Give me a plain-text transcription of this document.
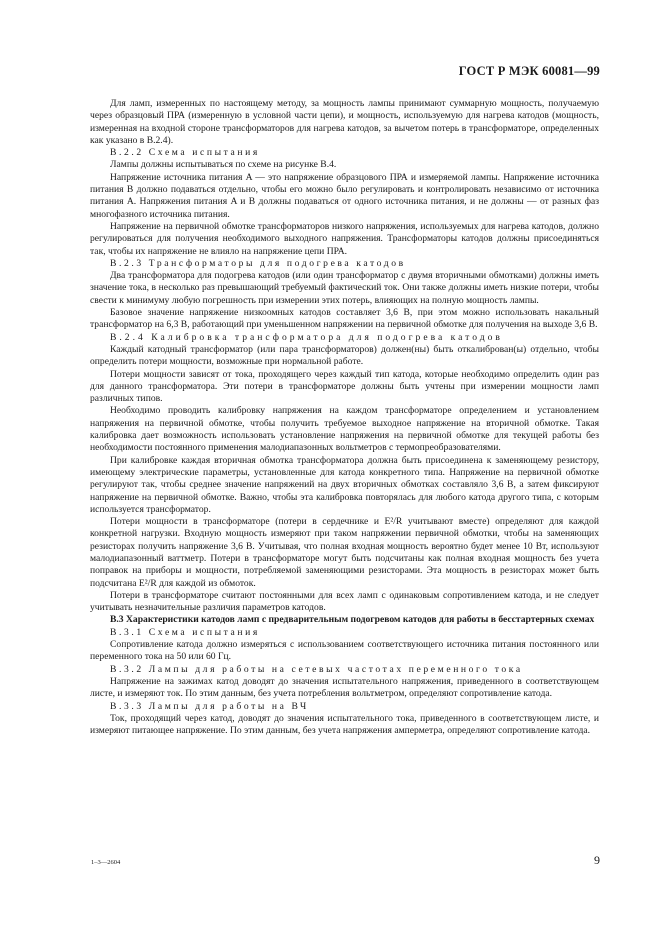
ГОСТ Р МЭК 60081—99

Для ламп, измеренных по настоящему методу, за мощность лампы принимают суммарную мощность, получаемую через образцовый ПРА (измеренную в условной части цепи), и мощность, используемую для нагрева катодов (мощность, измеренная на входной стороне трансформаторов для нагрева катодов, за вычетом потерь в трансформаторе, определенных как указано в В.2.4).

В.2.2 Схема испытания

Лампы должны испытываться по схеме на рисунке В.4.

Напряжение источника питания A — это напряжение образцового ПРА и измеряемой лампы. Напряжение источника питания B должно подаваться отдельно, чтобы его можно было регулировать и контролировать независимо от источника питания A. Напряжения питания A и B должны подаваться от одного источника питания, и не должны — от разных фаз многофазного источника питания.

Напряжение на первичной обмотке трансформаторов низкого напряжения, используемых для нагрева катодов, должно регулироваться для получения необходимого выходного напряжения. Трансформаторы катодов должны присоединяться так, чтобы их напряжение не влияло на напряжение цепи ПРА.

В.2.3 Трансформаторы для подогрева катодов

Два трансформатора для подогрева катодов (или один трансформатор с двумя вторичными обмотками) должны иметь значение тока, в несколько раз превышающий требуемый фактический ток. Они также должны иметь низкие потери, чтобы свести к минимуму любую погрешность при измерении этих потерь, влияющих на полную мощность лампы.

Базовое значение напряжение низкоомных катодов составляет 3,6 В, при этом можно использовать накальный трансформатор на 6,3 В, работающий при уменьшенном напряжении на первичной обмотке для получения на выходе 3,6 В.

В.2.4 Калибровка трансформатора для подогрева катодов

Каждый катодный трансформатор (или пара трансформаторов) должен(ны) быть откалиброван(ы) отдельно, чтобы определить потери мощности, возможные при нормальной работе.

Потери мощности зависят от тока, проходящего через каждый тип катода, которые необходимо определить один раз для данного трансформатора. Эти потери в трансформаторе должны быть учтены при измерении мощности ламп различных типов.

Необходимо проводить калибровку напряжения на каждом трансформаторе определением и установлением напряжения на первичной обмотке, чтобы получить требуемое выходное напряжение на вторичной обмотке. Такая калибровка дает возможность использовать установление напряжения на первичной обмотке для текущей работы без необходимости постоянного применения малодиапазонных вольтметров с термопреобразователями.

При калибровке каждая вторичная обмотка трансформатора должна быть присоединена к заменяющему резистору, имеющему электрические параметры, установленные для катода конкретного типа. Напряжение на первичной обмотке регулируют так, чтобы среднее значение напряжений на двух вторичных обмотках составляло 3,6 В, а затем фиксируют напряжение на первичной обмотке. Важно, чтобы эта калибровка повторялась для любого катода другого типа, с которым используется трансформатор.

Потери мощности в трансформаторе (потери в сердечнике и E²/R учитывают вместе) определяют для каждой конкретной нагрузки. Входную мощность измеряют при таком напряжении первичной обмотки, чтобы на заменяющих резисторах получить напряжение 3,6 В. Учитывая, что полная входная мощность вероятно будет менее 10 Вт, используют малодиапазонный ваттметр. Потери в трансформаторе могут быть подсчитаны как полная входная мощность без учета поправок на приборы и мощности, потребляемой заменяющими резисторами. Эта мощность в резисторах может быть подсчитана E²/R для каждой из обмоток.

Потери в трансформаторе считают постоянными для всех ламп с одинаковым сопротивлением катода, и не следует учитывать незначительные различия параметров катодов.

В.3 Характеристики катодов ламп с предварительным подогревом катодов для работы в бесстартерных схемах

В.3.1 Схема испытания

Сопротивление катода должно измеряться с использованием соответствующего источника питания постоянного или переменного тока на 50 или 60 Гц.

В.3.2 Лампы для работы на сетевых частотах переменного тока

Напряжение на зажимах катод доводят до значения испытательного напряжения, приведенного в соответствующем листе, и измеряют ток. По этим данным, без учета потребления вольтметром, определяют сопротивление катода.

В.3.3 Лампы для работы на ВЧ

Ток, проходящий через катод, доводят до значения испытательного тока, приведенного в соответствующем листе, и измеряют питающее напряжение. По этим данным, без учета напряжения амперметра, определяют сопротивление катода.

1–3—2604	9
